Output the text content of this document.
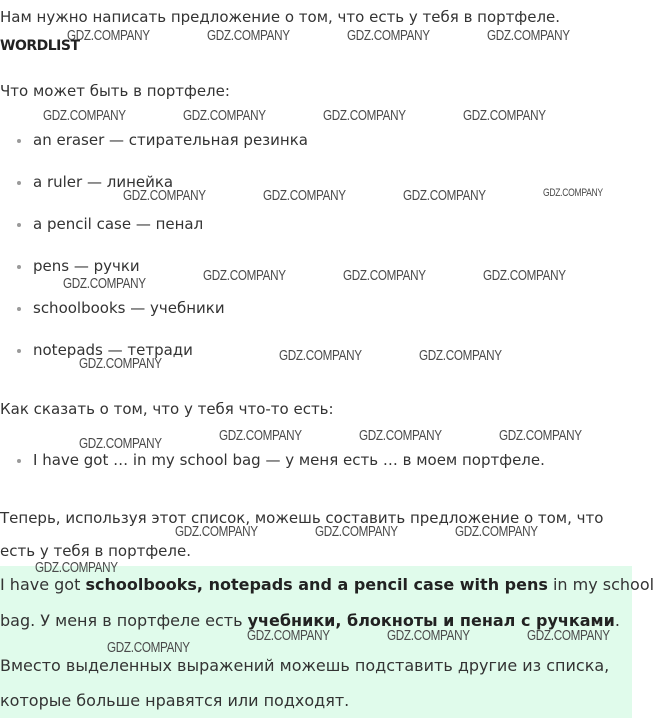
Нам нужно написать предложение о том, что есть у тебя в портфеле.

WORDLIST

Что может быть в портфеле:

an eraser — стирательная резинка
a ruler — линейка
a pencil case — пенал
pens — ручки
schoolbooks — учебники
notepads — тетради

Как сказать о том, что у тебя что-то есть:

I have got … in my school bag — у меня есть … в моем портфеле.

Теперь, используя этот список, можешь составить предложение о том, что

есть у тебя в портфеле.

I have got schoolbooks, notepads and a pencil case with pens in my school
bag. У меня в портфеле есть учебники, блокноты и пенал с ручками.
Вместо выделенных выражений можешь подставить другие из списка,
которые больше нравятся или подходят.
GDZ.COMPANY	GDZ.COMPANY	GDZ.COMPANY	GDZ.COMPANY
GDZ.COMPANY	GDZ.COMPANY	GDZ.COMPANY	GDZ.COMPANY
GDZ.COMPANY	GDZ.COMPANY	GDZ.COMPANY	GDZ.COMPANY
GDZ.COMPANY	GDZ.COMPANY	GDZ.COMPANY	GDZ.COMPANY
GDZ.COMPANY	GDZ.COMPANY	GDZ.COMPANY
GDZ.COMPANY	GDZ.COMPANY	GDZ.COMPANY	GDZ.COMPANY
GDZ.COMPANY	GDZ.COMPANY	GDZ.COMPANY
GDZ.COMPANY
GDZ.COMPANY
GDZ.COMPANY	GDZ.COMPANY	GDZ.COMPANY
